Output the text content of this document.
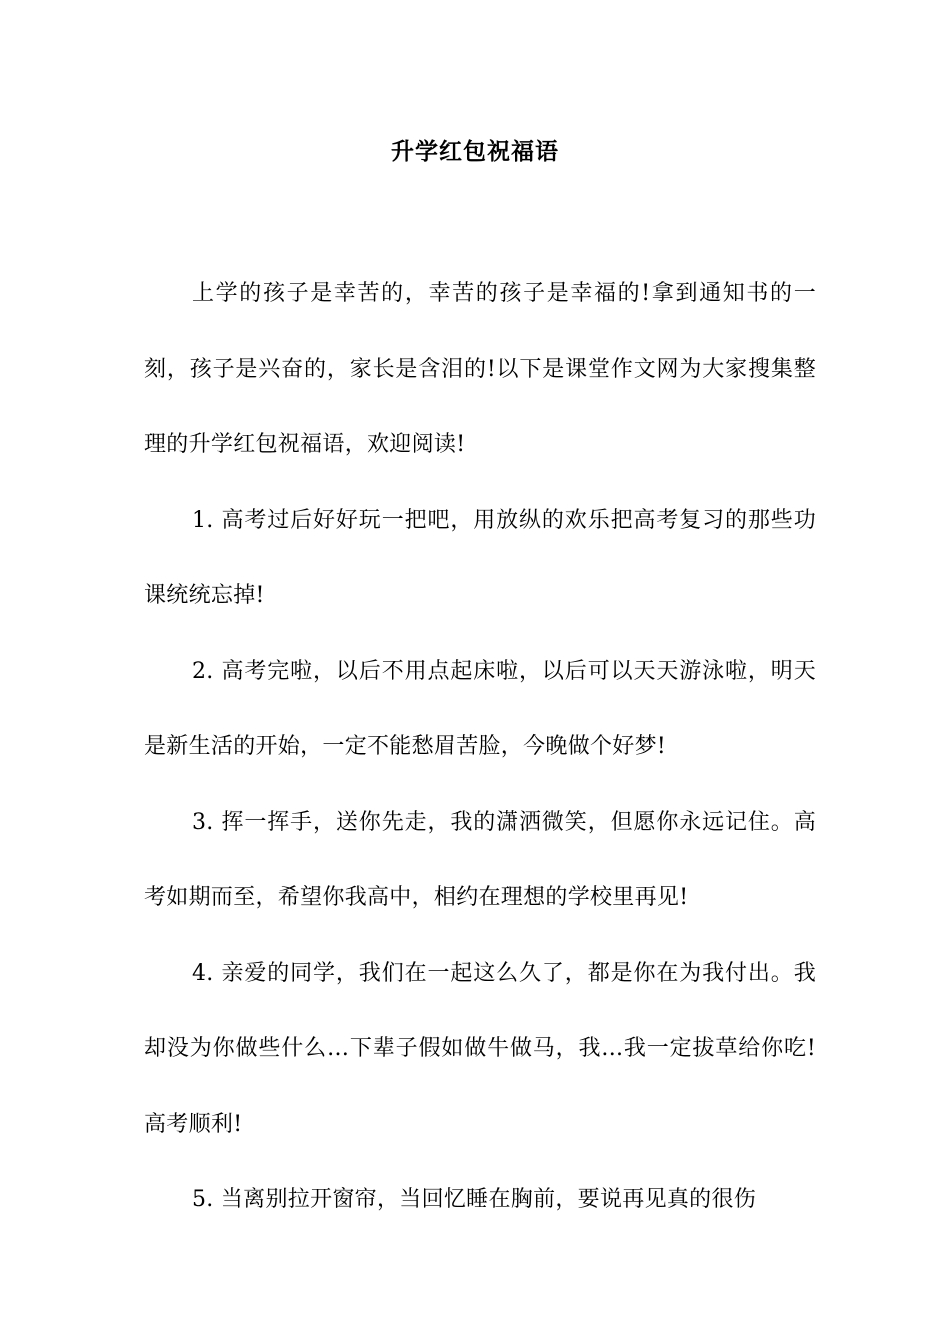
升学红包祝福语

上学的孩子是幸苦的，幸苦的孩子是幸福的!拿到通知书的一刻，孩子是兴奋的，家长是含泪的!以下是课堂作文网为大家搜集整理的升学红包祝福语，欢迎阅读!

1. 高考过后好好玩一把吧，用放纵的欢乐把高考复习的那些功课统统忘掉!

2. 高考完啦，以后不用点起床啦，以后可以天天游泳啦，明天是新生活的开始，一定不能愁眉苦脸，今晚做个好梦!

3. 挥一挥手，送你先走，我的潇洒微笑，但愿你永远记住。高考如期而至，希望你我高中，相约在理想的学校里再见!

4. 亲爱的同学，我们在一起这么久了，都是你在为我付出。我却没为你做些什么…下辈子假如做牛做马，我...我一定拔草给你吃! 高考顺利!

5. 当离别拉开窗帘，当回忆睡在胸前，要说再见真的很伤
